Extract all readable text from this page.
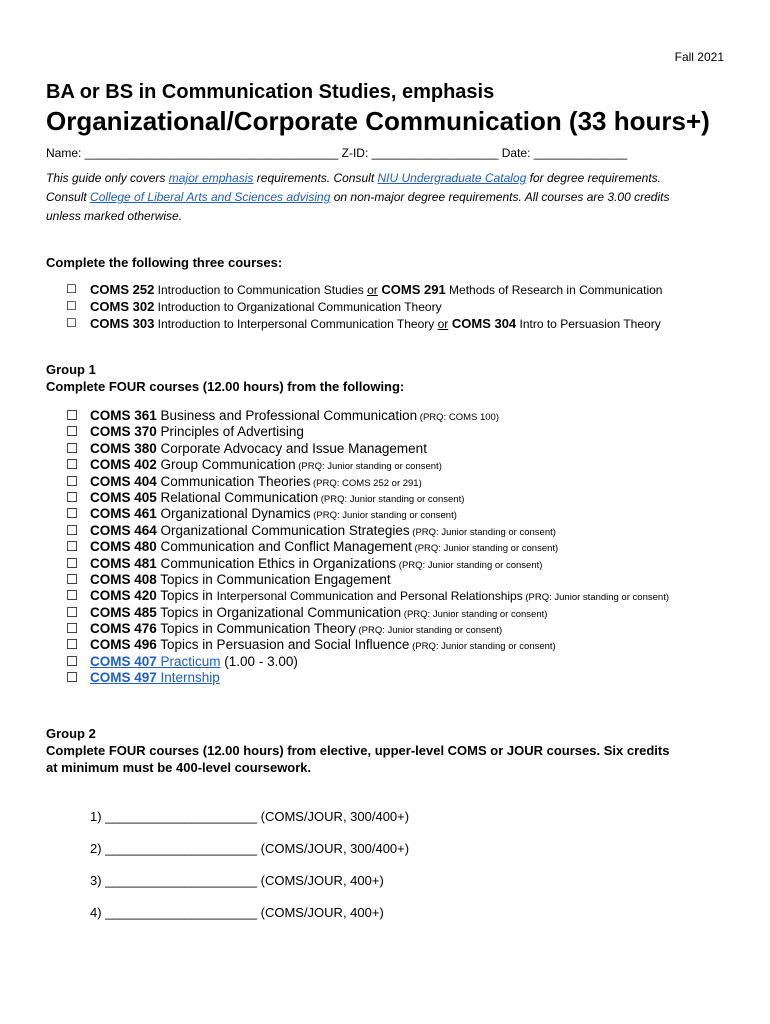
Fall 2021
BA or BS in Communication Studies, emphasis
Organizational/Corporate Communication (33 hours+)
Name: ______________________________________ Z-ID: ___________________ Date: ______________
This guide only covers major emphasis requirements. Consult NIU Undergraduate Catalog for degree requirements.
Consult College of Liberal Arts and Sciences advising on non-major degree requirements. All courses are 3.00 credits
unless marked otherwise.
Complete the following three courses:
☐ COMS 252 Introduction to Communication Studies or COMS 291 Methods of Research in Communication
☐ COMS 302 Introduction to Organizational Communication Theory
☐ COMS 303 Introduction to Interpersonal Communication Theory or COMS 304 Intro to Persuasion Theory
Group 1
Complete FOUR courses (12.00 hours) from the following:
☐ COMS 361 Business and Professional Communication (PRQ: COMS 100)
☐ COMS 370 Principles of Advertising
☐ COMS 380 Corporate Advocacy and Issue Management
☐ COMS 402 Group Communication (PRQ: Junior standing or consent)
☐ COMS 404 Communication Theories (PRQ: COMS 252 or 291)
☐ COMS 405 Relational Communication (PRQ: Junior standing or consent)
☐ COMS 461 Organizational Dynamics (PRQ: Junior standing or consent)
☐ COMS 464 Organizational Communication Strategies (PRQ: Junior standing or consent)
☐ COMS 480 Communication and Conflict Management (PRQ: Junior standing or consent)
☐ COMS 481 Communication Ethics in Organizations (PRQ: Junior standing or consent)
☐ COMS 408 Topics in Communication Engagement
☐ COMS 420 Topics in Interpersonal Communication and Personal Relationships (PRQ: Junior standing or consent)
☐ COMS 485 Topics in Organizational Communication (PRQ: Junior standing or consent)
☐ COMS 476 Topics in Communication Theory (PRQ: Junior standing or consent)
☐ COMS 496 Topics in Persuasion and Social Influence (PRQ: Junior standing or consent)
☐ COMS 407 Practicum (1.00 - 3.00)
☐ COMS 497 Internship
Group 2
Complete FOUR courses (12.00 hours) from elective, upper-level COMS or JOUR courses. Six credits
at minimum must be 400-level coursework.
1) _____________________ (COMS/JOUR, 300/400+)
2) _____________________ (COMS/JOUR, 300/400+)
3) _____________________ (COMS/JOUR, 400+)
4) _____________________ (COMS/JOUR, 400+)
